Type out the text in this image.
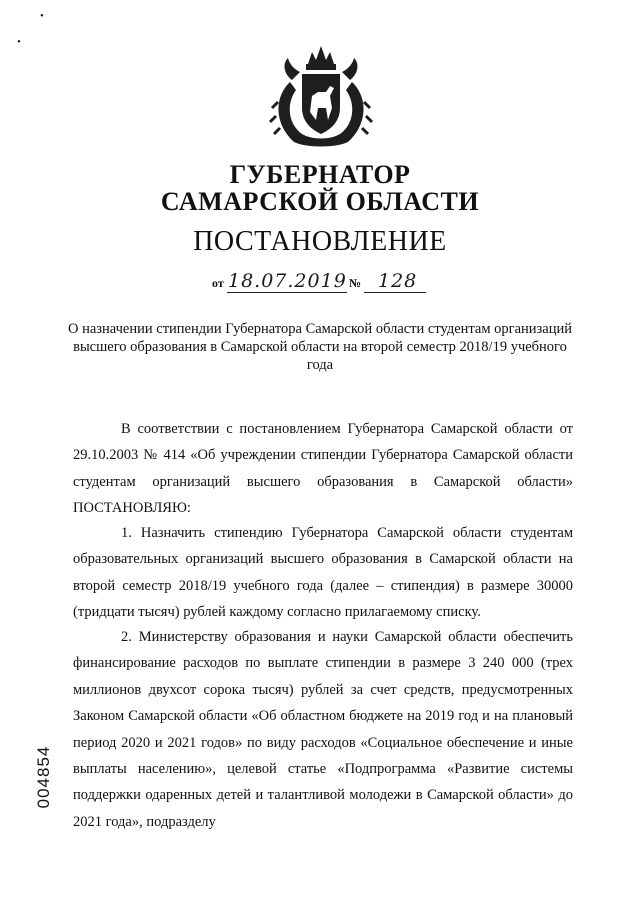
•
•
ГУБЕРНАТОР
САМАРСКОЙ ОБЛАСТИ
ПОСТАНОВЛЕНИЕ
от 18.07.2019 № 128
О назначении стипендии Губернатора Самарской области студентам организаций высшего образования в Самарской области на второй семестр 2018/19 учебного года

В соответствии с постановлением Губернатора Самарской области от 29.10.2003 № 414 «Об учреждении стипендии Губернатора Самарской области студентам организаций высшего образования в Самарской области» ПОСТАНОВЛЯЮ:

1. Назначить стипендию Губернатора Самарской области студентам образовательных организаций высшего образования в Самарской области на второй семестр 2018/19 учебного года (далее – стипендия) в размере 30000 (тридцати тысяч) рублей каждому согласно прилагаемому списку.

2. Министерству образования и науки Самарской области обеспечить финансирование расходов по выплате стипендии в размере 3 240 000 (трех миллионов двухсот сорока тысяч) рублей за счет средств, предусмотренных Законом Самарской области «Об областном бюджете на 2019 год и на плановый период 2020 и 2021 годов» по виду расходов «Социальное обеспечение и иные выплаты населению», целевой статье «Подпрограмма «Развитие системы поддержки одаренных детей и талантливой молодежи в Самарской области» до 2021 года», подразделу

004854
